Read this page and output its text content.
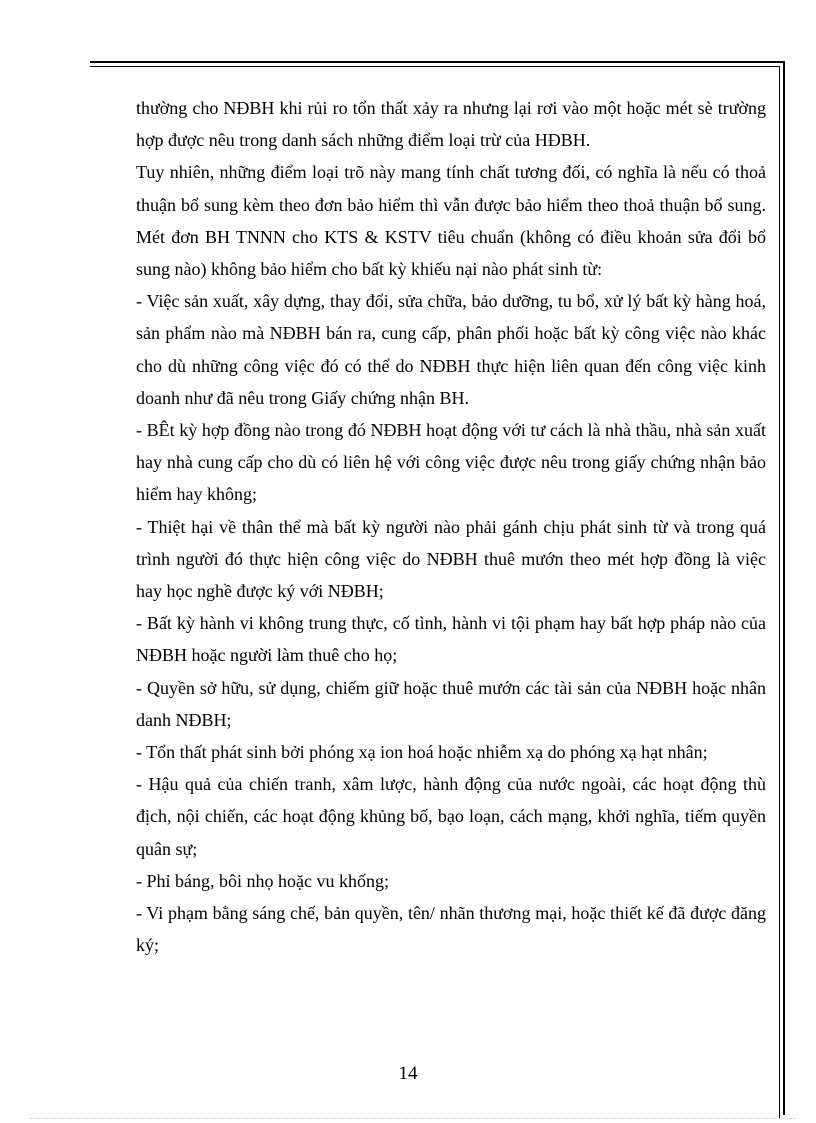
thường cho NĐBH khi rủi ro tổn thất xảy ra nhưng lại rơi vào một hoặc mét sè trường hợp được nêu trong danh sách những điểm loại trừ của HĐBH.

Tuy nhiên, những điểm loại trõ này mang tính chất tương đối, có nghĩa là nếu có thoả thuận bổ sung kèm theo đơn bảo hiểm thì vẫn được bảo hiểm theo thoả thuận bổ sung. Mét đơn BH TNNN cho KTS & KSTV tiêu chuẩn (không có điều khoản sửa đổi bổ sung nào) không bảo hiểm cho bất kỳ khiếu nại nào phát sinh từ:

- Việc sản xuất, xây dựng, thay đổi, sửa chữa, bảo dưỡng, tu bổ, xử lý bất kỳ hàng hoá, sản phẩm nào mà NĐBH bán ra, cung cấp, phân phối hoặc bất kỳ công việc nào khác cho dù những công việc đó có thể do NĐBH thực hiện liên quan đến công việc kinh doanh như đã nêu trong Giấy chứng nhận BH.

- BÊt kỳ hợp đồng nào trong đó NĐBH hoạt động với tư cách là nhà thầu, nhà sản xuất hay nhà cung cấp cho dù có liên hệ với công việc được nêu trong giấy chứng nhận bảo hiểm hay không;

- Thiệt hại về thân thể mà bất kỳ người nào phải gánh chịu phát sinh từ và trong quá trình người đó thực hiện công việc do NĐBH thuê mướn theo mét hợp đồng là việc hay học nghề được ký với NĐBH;

- Bất kỳ hành vi không trung thực, cố tình, hành vi tội phạm hay bất hợp pháp nào của NĐBH hoặc người làm thuê cho họ;

- Quyền sở hữu, sử dụng, chiếm giữ hoặc thuê mướn các tài sản của NĐBH hoặc nhân danh NĐBH;

- Tổn thất phát sinh bởi phóng xạ ion hoá hoặc nhiễm xạ do phóng xạ hạt nhân;

- Hậu quả của chiến tranh, xâm lược, hành động của nước ngoài, các hoạt động thù địch, nội chiến, các hoạt động khủng bố, bạo loạn, cách mạng, khởi nghĩa, tiếm quyền quân sự;

- Phỉ báng, bôi nhọ hoặc vu khống;

- Vi phạm bằng sáng chế, bản quyền, tên/ nhãn thương mại, hoặc thiết kế đã được đăng ký;

14
